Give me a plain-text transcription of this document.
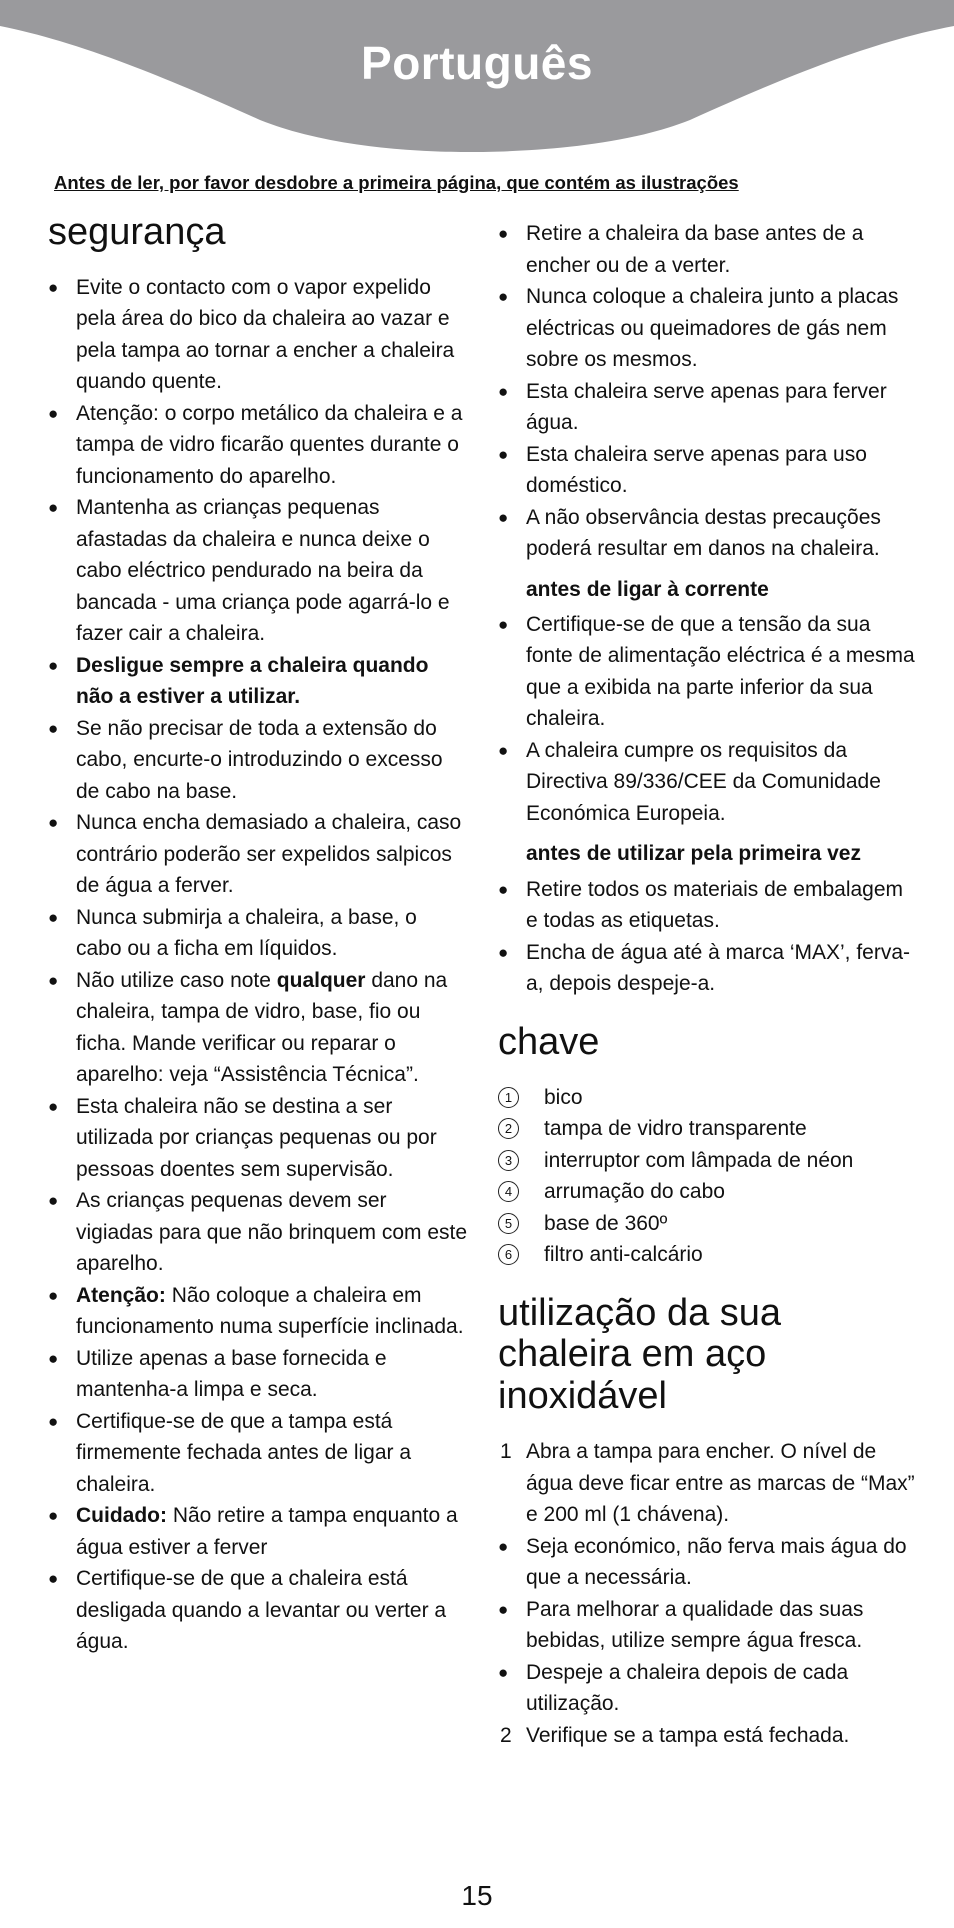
Português
Antes de ler, por favor desdobre a primeira página, que contém as ilustrações
segurança
● Evite o contacto com o vapor expelido pela área do bico da chaleira ao vazar e pela tampa ao tornar a encher a chaleira quando quente.
● Atenção: o corpo metálico da chaleira e a tampa de vidro ficarão quentes durante o funcionamento do aparelho.
● Mantenha as crianças pequenas afastadas da chaleira e nunca deixe o cabo eléctrico pendurado na beira da bancada - uma criança pode agarrá-lo e fazer cair a chaleira.
● Desligue sempre a chaleira quando não a estiver a utilizar.
● Se não precisar de toda a extensão do cabo, encurte-o introduzindo o excesso de cabo na base.
● Nunca encha demasiado a chaleira, caso contrário poderão ser expelidos salpicos de água a ferver.
● Nunca submirja a chaleira, a base, o cabo ou a ficha em líquidos.
● Não utilize caso note qualquer dano na chaleira, tampa de vidro, base, fio ou ficha. Mande verificar ou reparar o aparelho: veja “Assistência Técnica”.
● Esta chaleira não se destina a ser utilizada por crianças pequenas ou por pessoas doentes sem supervisão.
● As crianças pequenas devem ser vigiadas para que não brinquem com este aparelho.
● Atenção: Não coloque a chaleira em funcionamento numa superfície inclinada.
● Utilize apenas a base fornecida e mantenha-a limpa e seca.
● Certifique-se de que a tampa está firmemente fechada antes de ligar a chaleira.
● Cuidado: Não retire a tampa enquanto a água estiver a ferver
● Certifique-se de que a chaleira está desligada quando a levantar ou verter a água.
● Retire a chaleira da base antes de a encher ou de a verter.
● Nunca coloque a chaleira junto a placas eléctricas ou queimadores de gás nem sobre os mesmos.
● Esta chaleira serve apenas para ferver água.
● Esta chaleira serve apenas para uso doméstico.
● A não observância destas precauções poderá resultar em danos na chaleira.
antes de ligar à corrente
● Certifique-se de que a tensão da sua fonte de alimentação eléctrica é a mesma que a exibida na parte inferior da sua chaleira.
● A chaleira cumpre os requisitos da Directiva 89/336/CEE da Comunidade Económica Europeia.
antes de utilizar pela primeira vez
● Retire todos os materiais de embalagem e todas as etiquetas.
● Encha de água até à marca ‘MAX’, ferva-a, depois despeje-a.
chave
1	bico
2	tampa de vidro transparente
3	interruptor com lâmpada de néon
4	arrumação do cabo
5	base de 360º
6	filtro anti-calcário
utilização da sua chaleira em aço inoxidável
1 Abra a tampa para encher. O nível de água deve ficar entre as marcas de “Max” e 200 ml (1 chávena).
● Seja económico, não ferva mais água do que a necessária.
● Para melhorar a qualidade das suas bebidas, utilize sempre água fresca.
● Despeje a chaleira depois de cada utilização.
2 Verifique se a tampa está fechada.
15
